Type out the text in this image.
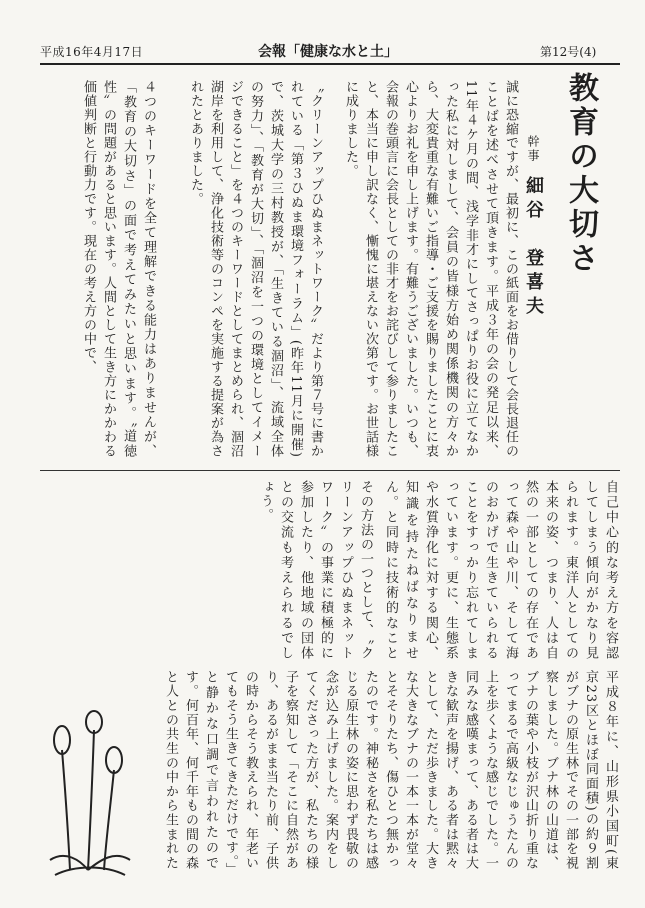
平成16年4月17日	会報「健康な水と土」	第12号(4)
教育の大切さ
幹事 細谷　登喜夫
誠に恐縮ですが、最初に、この紙面をお借りして会長退任のことばを述べさせて頂きます。平成３年の会の発足以来、11年４ケ月の間、浅学非才にしてさっぱりお役に立てなかった私に対しまして、会員の皆様方始め関係機関の方々から、大変貴重な有難いご指導・ご支援を賜りましたことに衷心よりお礼を申し上げます。有難うございました。いつも、会報の巻頭言に会長としての非才をお詫びして参りましたこと、本当に申し訳なく、慚愧に堪えない次第です。お世話様に成りました。
〝クリーンアップひぬまネットワーク〟だより第７号に書かれている「第３ひぬま環境フォーラム」(昨年11月に開催)で、茨城大学の三村教授が、「生きている涸沼」、流域全体の努力」、「教育が大切」、「涸沼を一つの環境としてイメージできること」を４つのキーワードとしてまとめられ、涸沼湖岸を利用して、浄化技術等のコンペを実施する提案が為されたとありました。
４つのキーワードを全て理解できる能力はありませんが、「教育の大切さ」の面で考えてみたいと思います。〝道徳性〟の問題があると思います。人間として生き方にかかわる価値判断と行動力です。現在の考え方の中で、
自己中心的な考え方を容認してしまう傾向がかなり見られます。東洋人としての本来の姿、つまり、人は自然の一部としての存在であって森や山や川、そして海のおかげで生きていられることをすっかり忘れてしまっています。更に、生態系や水質浄化に対する関心、知識を持たねばなりません。と同時に技術的なこと
その方法の一つとして、〝クリーンアップひぬまネットワーク〟の事業に積極的に参加したり、他地域の団体との交流も考えられるでしょう。
平成８年に、山形県小国町(東京23区とほぼ同面積)の約９割がブナの原生林でその一部を視察しました。ブナ林の山道は、ブナの葉や小枝が沢山折り重なってまるで高級なじゅうたんの上を歩くような感じでした。一同みな感嘆まって、ある者は大きな歓声を揚げ、ある者は黙々として、ただ歩きました。大きな大きなブナの一本一本が堂々とそそりたち、傷ひとつ無かったのです。神秘さを私たちは感じる原生林の姿に思わず畏敬の念が込み上げました。案内をしてくださった方が、私たちの様子を察知して「そこに自然があり、あるがまま当たり前、子供の時からそう教えられ、年老いてもそう生きてきただけです。」と静かな口調で言われたのです。何百年、何千年もの間の森と人との共生の中から生まれた
